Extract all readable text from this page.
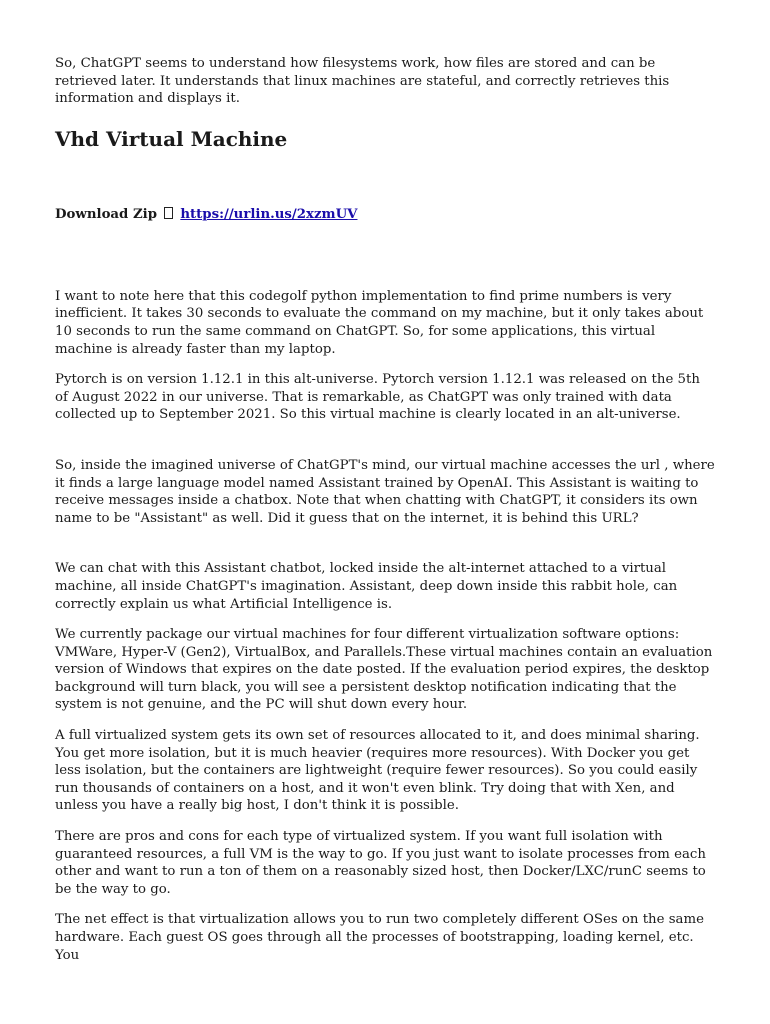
So, ChatGPT seems to understand how filesystems work, how files are stored and can be retrieved later. It understands that linux machines are stateful, and correctly retrieves this information and displays it.

Vhd Virtual Machine
Download Zip https://urlin.us/2xzmUV

I want to note here that this codegolf python implementation to find prime numbers is very inefficient. It takes 30 seconds to evaluate the command on my machine, but it only takes about 10 seconds to run the same command on ChatGPT. So, for some applications, this virtual machine is already faster than my laptop.

Pytorch is on version 1.12.1 in this alt-universe. Pytorch version 1.12.1 was released on the 5th of August 2022 in our universe. That is remarkable, as ChatGPT was only trained with data collected up to September 2021. So this virtual machine is clearly located in an alt-universe.

So, inside the imagined universe of ChatGPT's mind, our virtual machine accesses the url , where it finds a large language model named Assistant trained by OpenAI. This Assistant is waiting to receive messages inside a chatbox. Note that when chatting with ChatGPT, it considers its own name to be "Assistant" as well. Did it guess that on the internet, it is behind this URL?

We can chat with this Assistant chatbot, locked inside the alt-internet attached to a virtual machine, all inside ChatGPT's imagination. Assistant, deep down inside this rabbit hole, can correctly explain us what Artificial Intelligence is.

We currently package our virtual machines for four different virtualization software options: VMWare, Hyper-V (Gen2), VirtualBox, and Parallels.These virtual machines contain an evaluation version of Windows that expires on the date posted. If the evaluation period expires, the desktop background will turn black, you will see a persistent desktop notification indicating that the system is not genuine, and the PC will shut down every hour.

A full virtualized system gets its own set of resources allocated to it, and does minimal sharing. You get more isolation, but it is much heavier (requires more resources). With Docker you get less isolation, but the containers are lightweight (require fewer resources). So you could easily run thousands of containers on a host, and it won't even blink. Try doing that with Xen, and unless you have a really big host, I don't think it is possible.

There are pros and cons for each type of virtualized system. If you want full isolation with guaranteed resources, a full VM is the way to go. If you just want to isolate processes from each other and want to run a ton of them on a reasonably sized host, then Docker/LXC/runC seems to be the way to go.

The net effect is that virtualization allows you to run two completely different OSes on the same hardware. Each guest OS goes through all the processes of bootstrapping, loading kernel, etc. You
